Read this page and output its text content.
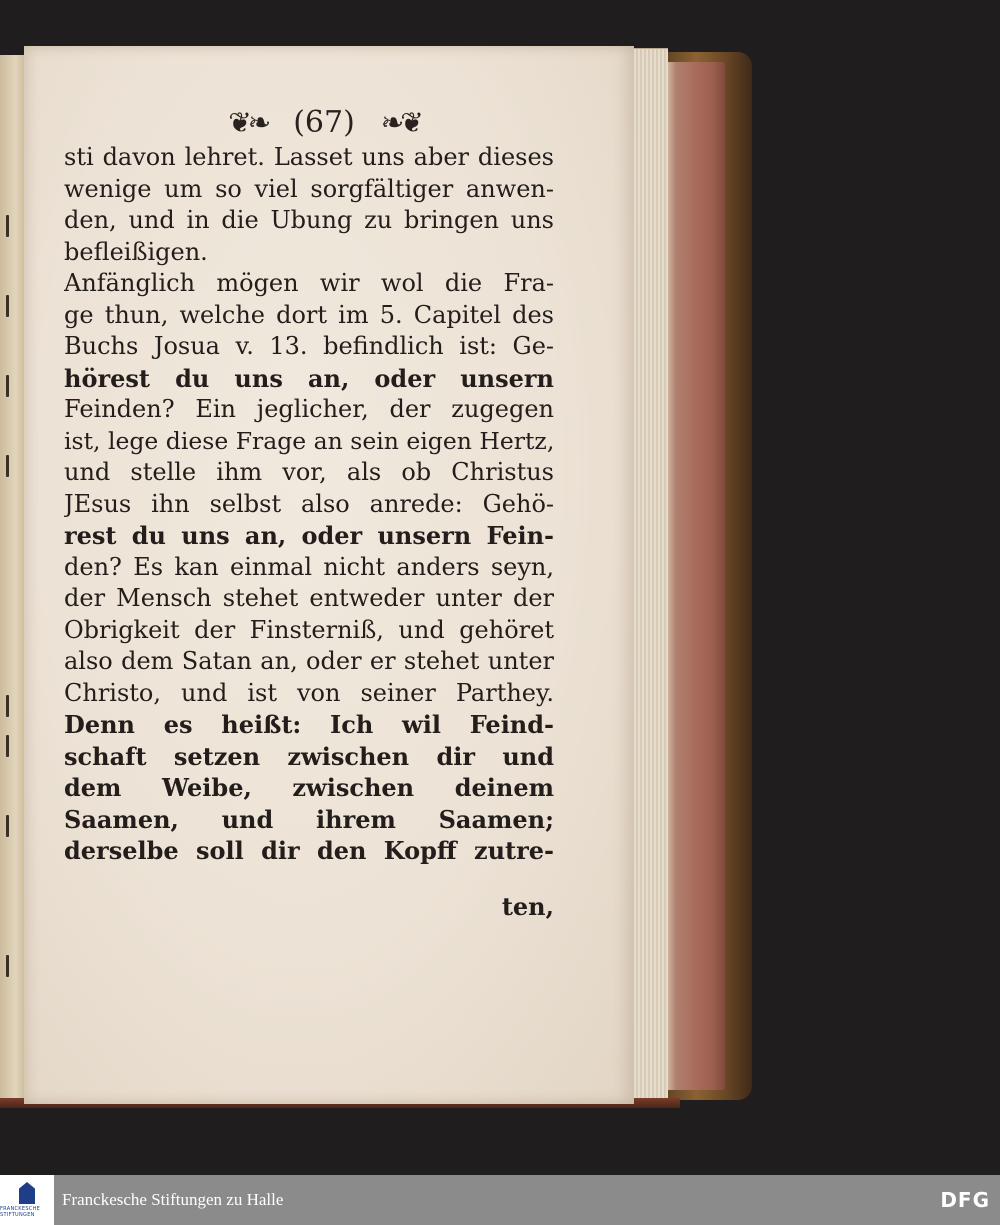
❦❧ (67) ❧❦
sti davon lehret. Lasset uns aber dieses
wenige um so viel sorgfältiger anwen-
den, und in die Ubung zu bringen uns
befleißigen.
Anfänglich mögen wir wol die Fra-
ge thun, welche dort im 5. Capitel des
Buchs Josua v. 13. befindlich ist: Ge-
hörest du uns an, oder unsern
Feinden? Ein jeglicher, der zugegen
ist, lege diese Frage an sein eigen Hertz,
und stelle ihm vor, als ob Christus
JEsus ihn selbst also anrede: Gehö-
rest du uns an, oder unsern Fein-
den? Es kan einmal nicht anders seyn,
der Mensch stehet entweder unter der
Obrigkeit der Finsterniß, und gehöret
also dem Satan an, oder er stehet unter
Christo, und ist von seiner Parthey.
Denn es heißt: Ich wil Feind-
schaft setzen zwischen dir und
dem Weibe, zwischen deinem
Saamen, und ihrem Saamen;
derselbe soll dir den Kopff zutre-
ten,
FRANCKESCHE STIFTUNGEN
Franckesche Stiftungen zu Halle	DFG
